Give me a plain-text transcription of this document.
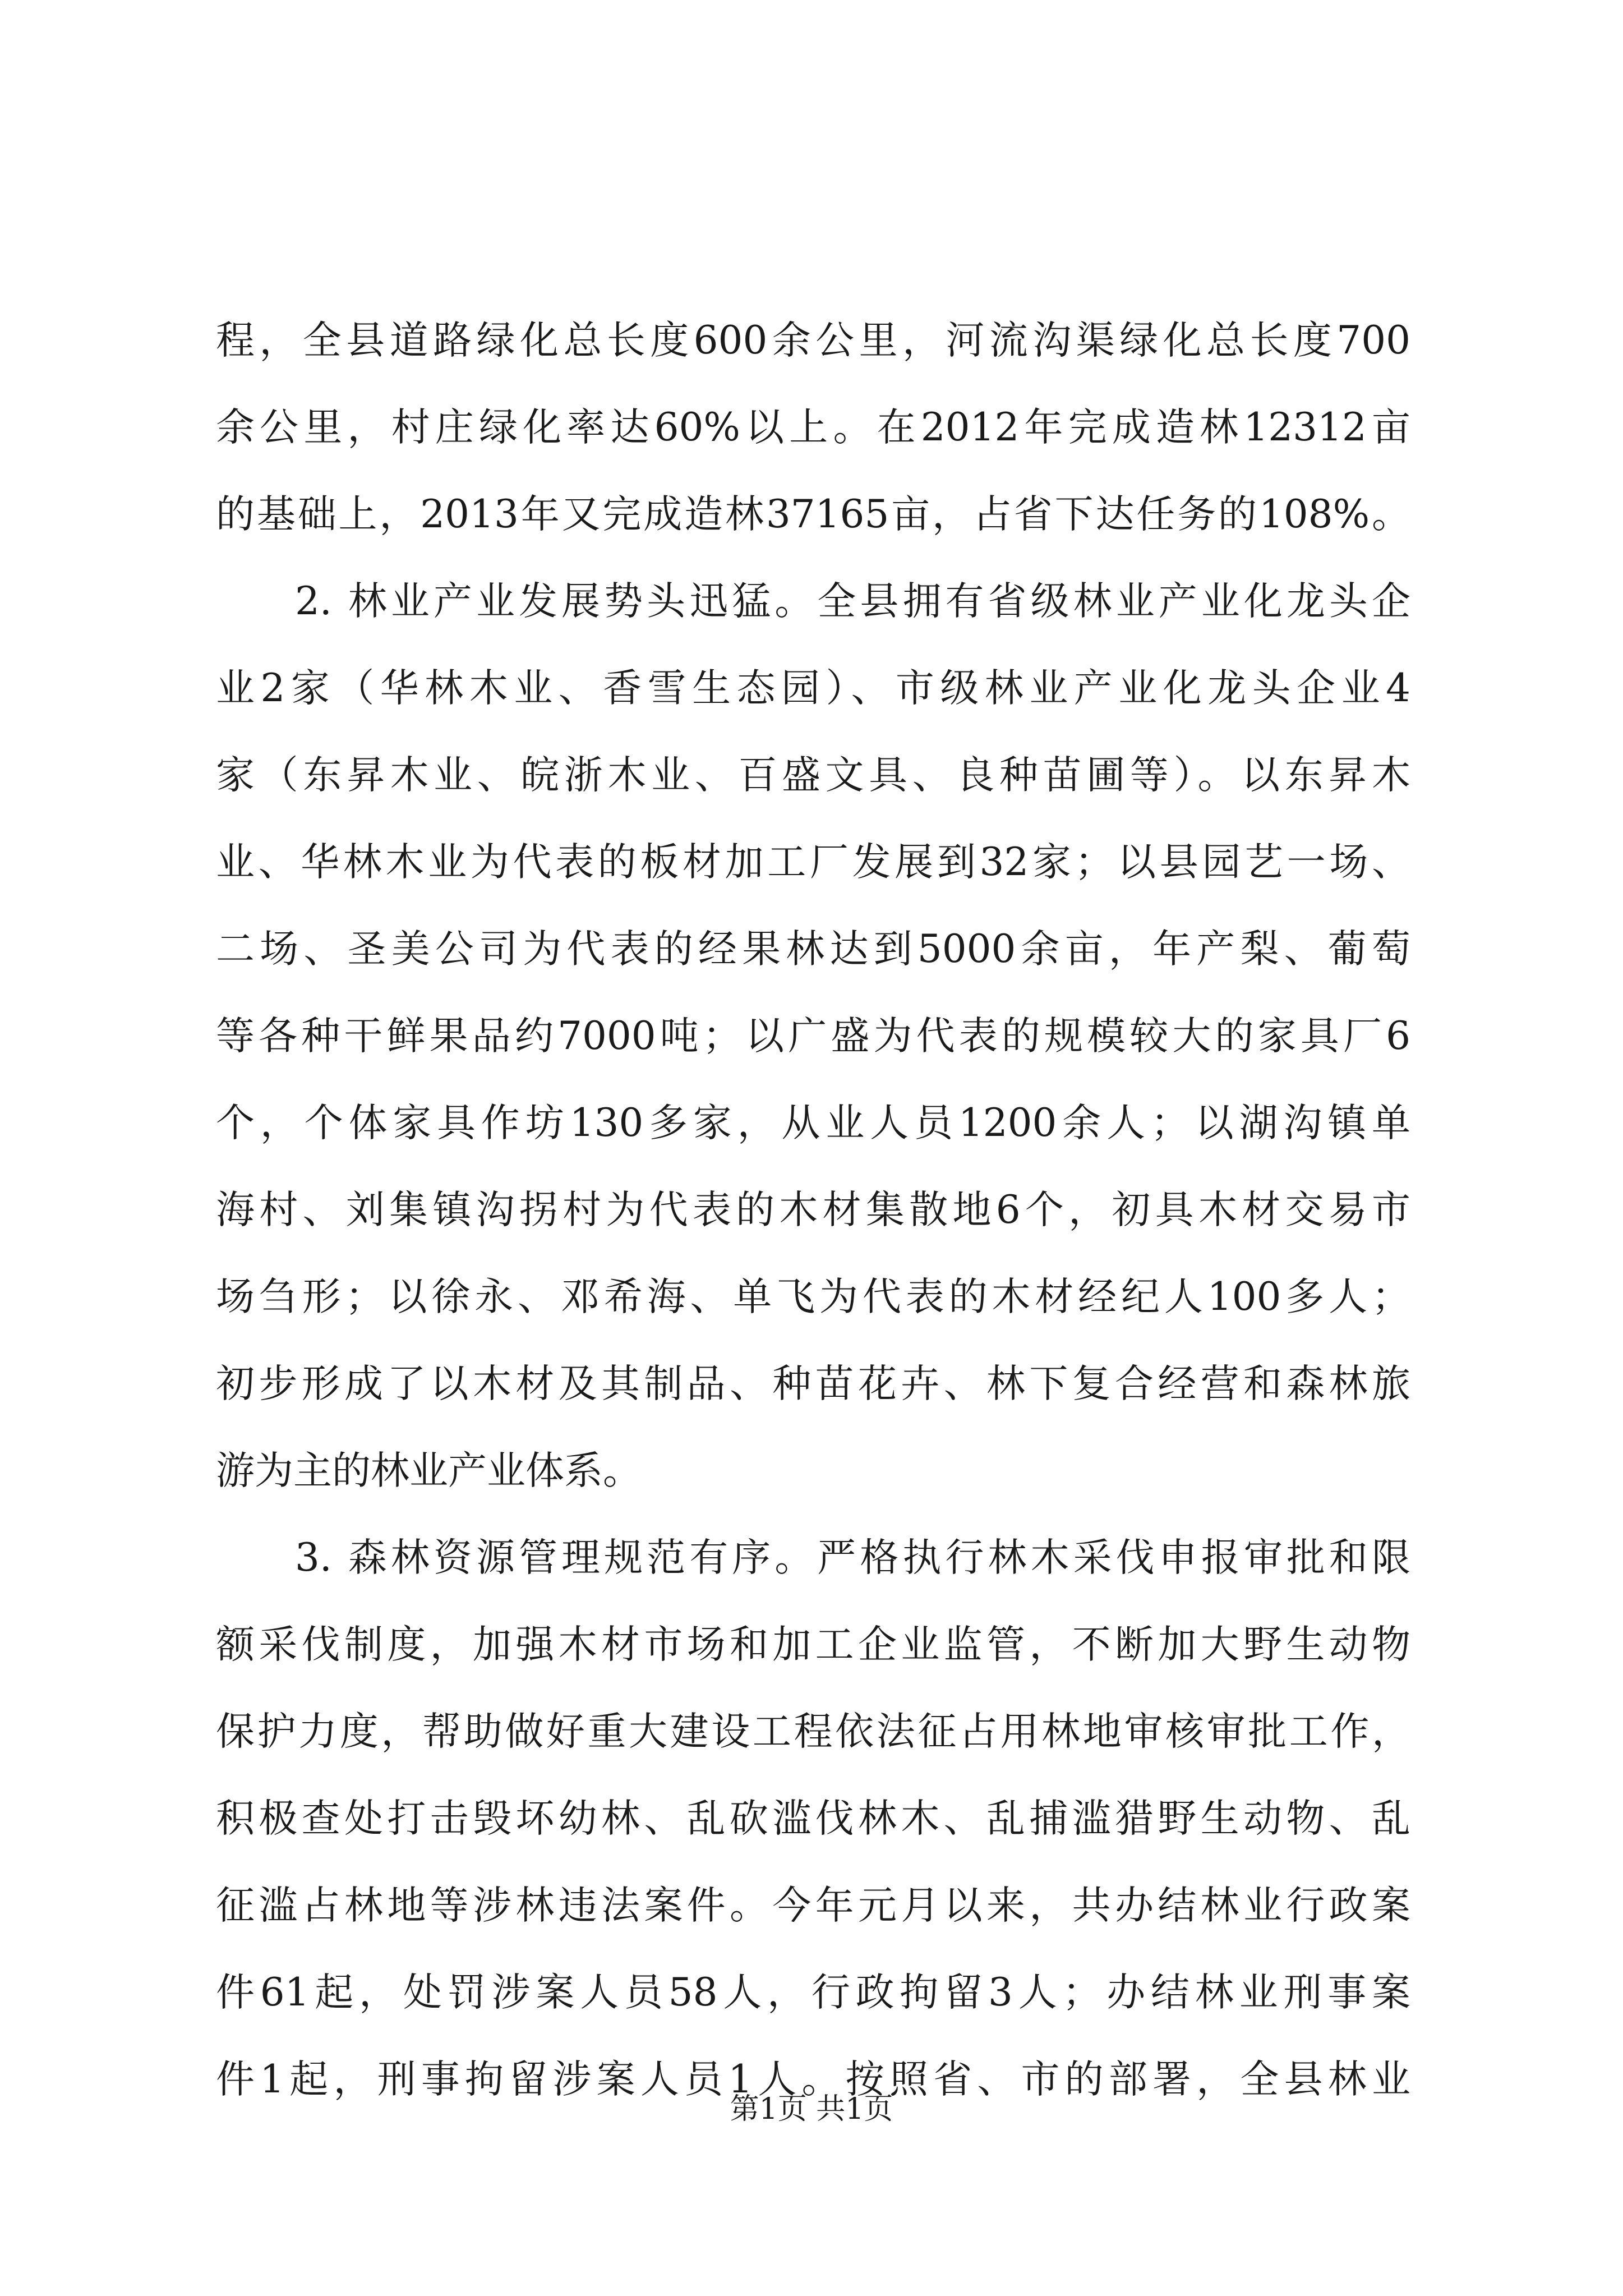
程，全县道路绿化总长度600余公里，河流沟渠绿化总长度700
余公里，村庄绿化率达60%以上。在2012年完成造林12312亩
的基础上，2013年又完成造林37165亩，占省下达任务的108%。
2. 林业产业发展势头迅猛。全县拥有省级林业产业化龙头企
业2家（华林木业、香雪生态园）、市级林业产业化龙头企业4
家（东昇木业、皖浙木业、百盛文具、良种苗圃等）。以东昇木
业、华林木业为代表的板材加工厂发展到32家；以县园艺一场、
二场、圣美公司为代表的经果林达到5000余亩，年产梨、葡萄
等各种干鲜果品约7000吨；以广盛为代表的规模较大的家具厂6
个，个体家具作坊130多家，从业人员1200余人；以湖沟镇单
海村、刘集镇沟拐村为代表的木材集散地6个，初具木材交易市
场刍形；以徐永、邓希海、单飞为代表的木材经纪人100多人；
初步形成了以木材及其制品、种苗花卉、林下复合经营和森林旅
游为主的林业产业体系。
3. 森林资源管理规范有序。严格执行林木采伐申报审批和限
额采伐制度，加强木材市场和加工企业监管，不断加大野生动物
保护力度，帮助做好重大建设工程依法征占用林地审核审批工作，
积极查处打击毁坏幼林、乱砍滥伐林木、乱捕滥猎野生动物、乱
征滥占林地等涉林违法案件。今年元月以来，共办结林业行政案
件61起，处罚涉案人员58人，行政拘留3人；办结林业刑事案
件1起，刑事拘留涉案人员1人。按照省、市的部署，全县林业
第1页 共1页
